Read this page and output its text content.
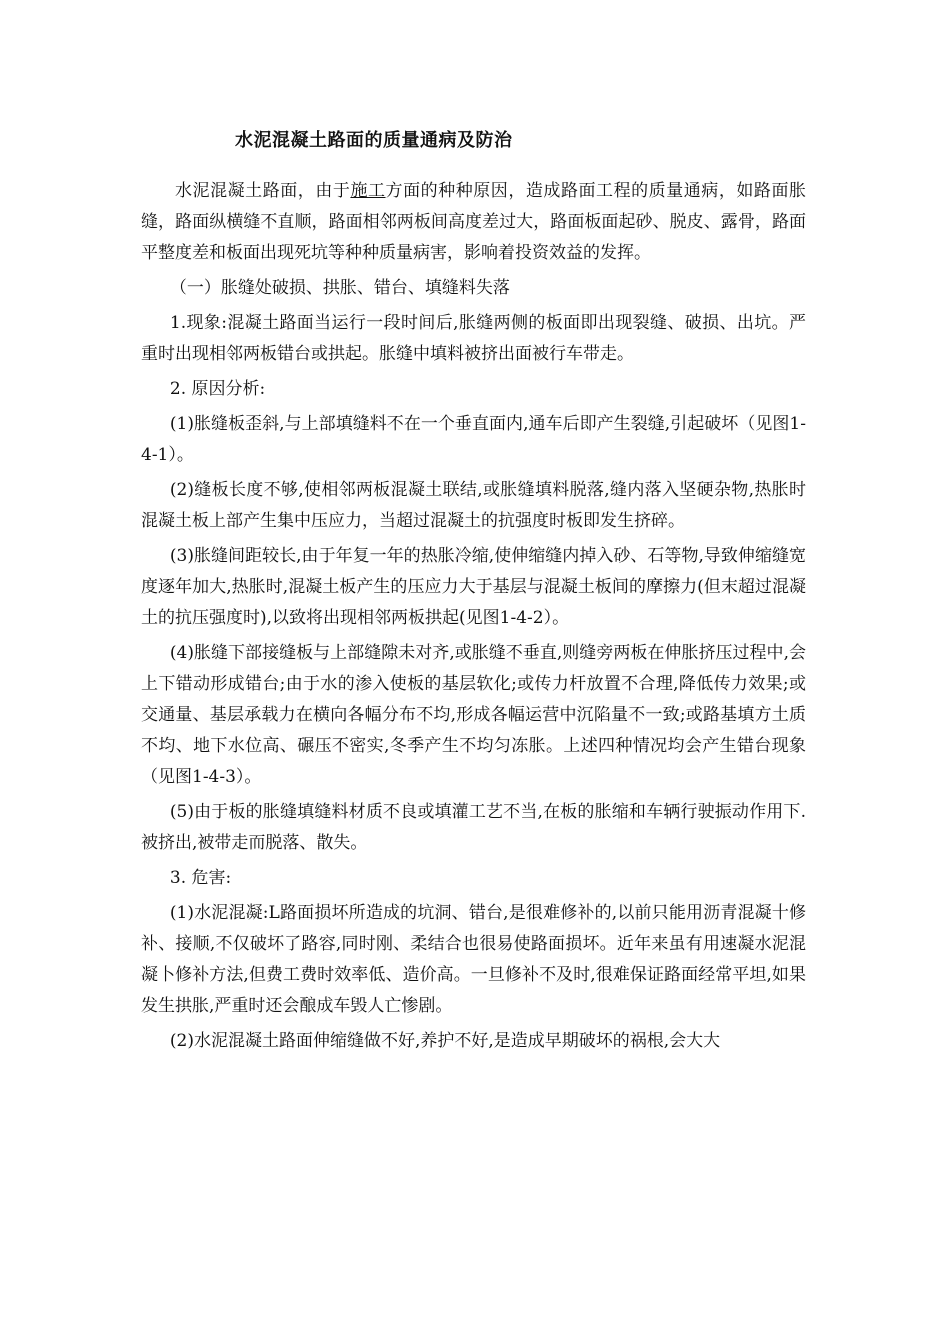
水泥混凝土路面的质量通病及防治

水泥混凝土路面，由于施工方面的种种原因，造成路面工程的质量通病，如路面胀缝，路面纵横缝不直顺，路面相邻两板间高度差过大，路面板面起砂、脱皮、露骨，路面平整度差和板面出现死坑等种种质量病害，影响着投资效益的发挥。

（一）胀缝处破损、拱胀、错台、填缝料失落

1.现象:混凝土路面当运行一段时间后,胀缝两侧的板面即出现裂缝、破损、出坑。严重时出现相邻两板错台或拱起。胀缝中填料被挤出面被行车带走。

2. 原因分析:

(1)胀缝板歪斜,与上部填缝料不在一个垂直面内,通车后即产生裂缝,引起破坏（见图1-4-1）。

(2)缝板长度不够,使相邻两板混凝土联结,或胀缝填料脱落,缝内落入坚硬杂物,热胀时混凝土板上部产生集中压应力，当超过混凝土的抗强度时板即发生挤碎。

(3)胀缝间距较长,由于年复一年的热胀冷缩,使伸缩缝内掉入砂、石等物,导致伸缩缝宽度逐年加大,热胀时,混凝土板产生的压应力大于基层与混凝土板间的摩擦力(但末超过混凝土的抗压强度时),以致将出现相邻两板拱起(见图1-4-2）。

(4)胀缝下部接缝板与上部缝隙未对齐,或胀缝不垂直,则缝旁两板在伸胀挤压过程中,会上下错动形成错台;由于水的渗入使板的基层软化;或传力杆放置不合理,降低传力效果;或交通量、基层承载力在横向各幅分布不均,形成各幅运营中沉陷量不一致;或路基填方土质不均、地下水位高、碾压不密实,冬季产生不均匀冻胀。上述四种情况均会产生错台现象（见图1-4-3）。

(5)由于板的胀缝填缝料材质不良或填灌工艺不当,在板的胀缩和车辆行驶振动作用下. 被挤出,被带走而脱落、散失。

3. 危害:

(1)水泥混凝:L路面损坏所造成的坑洞、错台,是很难修补的,以前只能用沥青混凝十修补、接顺,不仅破坏了路容,同时刚、柔结合也很易使路面损坏。近年来虽有用速凝水泥混凝卜修补方法,但费工费时效率低、造价高。一旦修补不及时,很难保证路面经常平坦,如果发生拱胀,严重时还会酿成车毁人亡惨剧。

(2)水泥混凝土路面伸缩缝做不好,养护不好,是造成早期破坏的祸根,会大大
